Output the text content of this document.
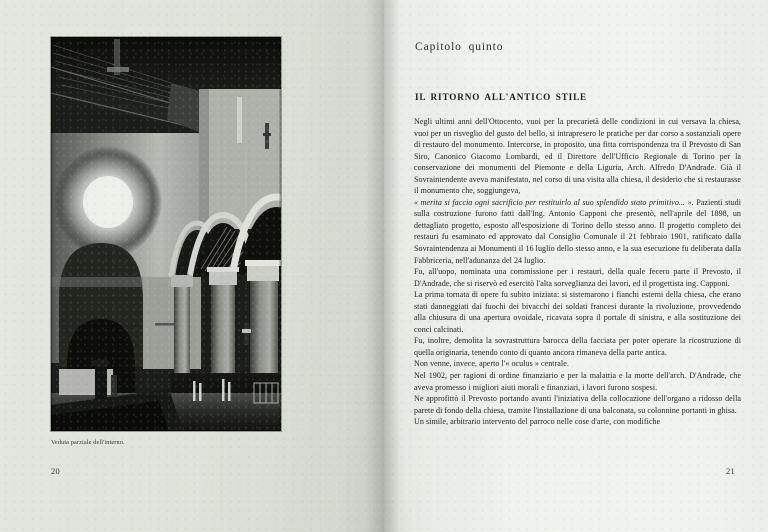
Veduta parziale dell'interno.
20
Capitolo quinto
IL RITORNO ALL'ANTICO STILE

Negli ultimi anni dell'Ottocento, vuoi per la precarietà delle condizioni in cui versava la chiesa, vuoi per un risveglio del gusto del bello, si intrapresero le pratiche per dar corso a sostanziali opere di restauro del monumento. Intercorse, in proposito, una fitta corrispondenza tra il Prevosto di San Siro, Canonico Giacomo Lombardi, ed il Direttore dell'Ufficio Regionale di Torino per la conservazione dei monumenti del Piemonte e della Liguria, Arch. Alfredo D'Andrade. Già il Sovraintendente aveva manifestato, nel corso di una visita alla chiesa, il desiderio che si restaurasse il monumento che, soggiungeva,

« merita si faccia ogni sacrificio per restituirlo al suo splendido stato primitivo... ». Pazienti studi sulla costruzione furono fatti dall'Ing. Antonio Capponi che presentò, nell'aprile del 1898, un dettagliato progetto, esposto all'esposizione di Torino dello stesso anno. Il progetto completo dei restauri fu esaminato ed approvato dal Consiglio Comunale il 21 febbraio 1901, ratificato dalla Sovraintendenza ai Monumenti il 16 luglio dello stesso anno, e la sua esecuzione fu deliberata dalla Fabbriceria, nell'adunanza del 24 luglio.

Fu, all'uopo, nominata una commissione per i restauri, della quale fecero parte il Prevosto, il D'Andrade, che si riservò ed esercitò l'alta sorveglianza dei lavori, ed il progettista ing. Capponi.

La prima tornata di opere fu subito iniziata: si sistemarono i fianchi esterni della chiesa, che erano stati danneggiati dai fuochi dei bivacchi dei soldati francesi durante la rivoluzione, provvedendo alla chiusura di una apertura ovoidale, ricavata sopra il portale di sinistra, e alla sostituzione dei conci calcinati.

Fu, inoltre, demolita la sovrastruttura barocca della facciata per poter operare la ricostruzione di quella originaria, tenendo conto di quanto ancora rimaneva della parte antica.

Non venne, invece, aperto l'« oculus » centrale.

Nel 1902, per ragioni di ordine finanziario e per la malattia e la morte dell'arch. D'Andrade, che aveva promesso i migliori aiuti morali e finanziari, i lavori furono sospesi.

Ne approfittò il Prevosto portando avanti l'iniziativa della collocazione dell'organo a ridosso della parete di fondo della chiesa, tramite l'installazione di una balconata, su colonnine portanti in ghisa.

Un simile, arbitrario intervento del parroco nelle cose d'arte, con modifiche

21
